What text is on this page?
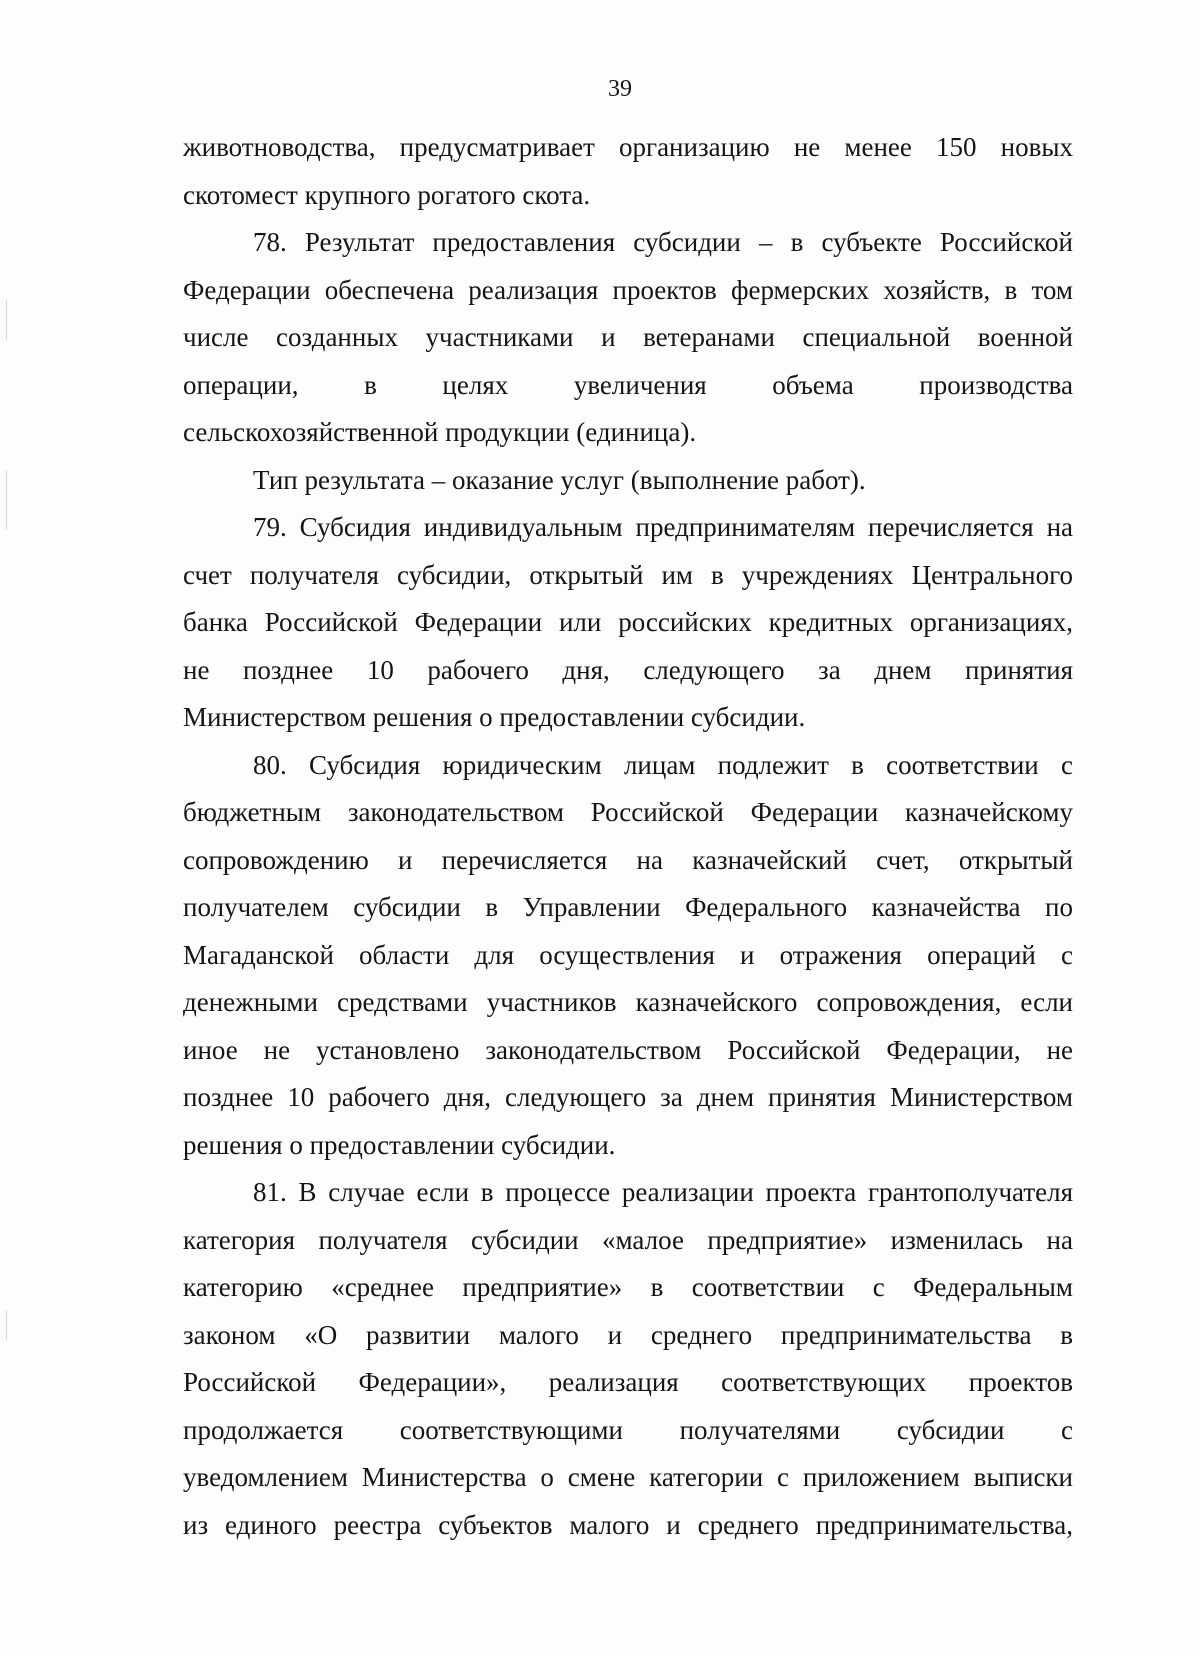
39
животноводства, предусматривает организацию не менее 150 новых
скотомест крупного рогатого скота.
78. Результат предоставления субсидии – в субъекте Российской
Федерации обеспечена реализация проектов фермерских хозяйств, в том
числе созданных участниками и ветеранами специальной военной
операции, в целях увеличения объема производства
сельскохозяйственной продукции (единица).
Тип результата – оказание услуг (выполнение работ).
79. Субсидия индивидуальным предпринимателям перечисляется на
счет получателя субсидии, открытый им в учреждениях Центрального
банка Российской Федерации или российских кредитных организациях,
не позднее 10 рабочего дня, следующего за днем принятия
Министерством решения о предоставлении субсидии.
80. Субсидия юридическим лицам подлежит в соответствии с
бюджетным законодательством Российской Федерации казначейскому
сопровождению и перечисляется на казначейский счет, открытый
получателем субсидии в Управлении Федерального казначейства по
Магаданской области для осуществления и отражения операций с
денежными средствами участников казначейского сопровождения, если
иное не установлено законодательством Российской Федерации, не
позднее 10 рабочего дня, следующего за днем принятия Министерством
решения о предоставлении субсидии.
81. В случае если в процессе реализации проекта грантополучателя
категория получателя субсидии «малое предприятие» изменилась на
категорию «среднее предприятие» в соответствии с Федеральным
законом «О развитии малого и среднего предпринимательства в
Российской Федерации», реализация соответствующих проектов
продолжается соответствующими получателями субсидии с
уведомлением Министерства о смене категории с приложением выписки
из единого реестра субъектов малого и среднего предпринимательства,
